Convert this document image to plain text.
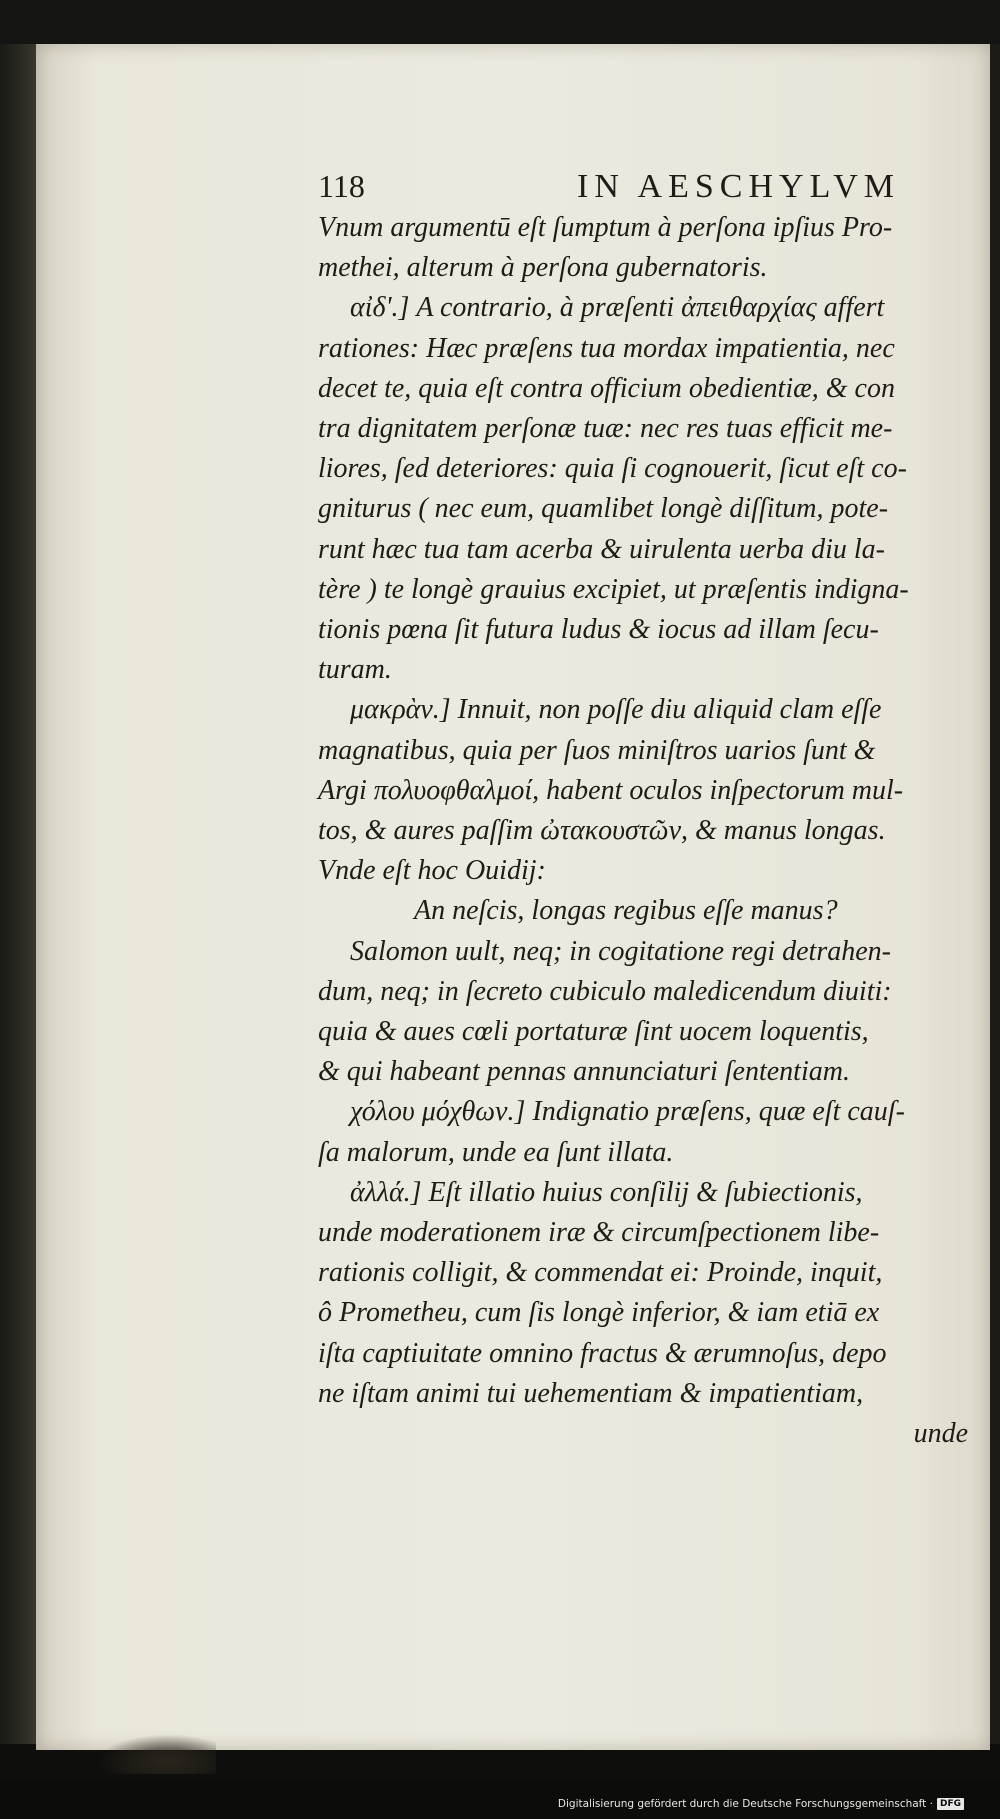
118	IN AESCHYLVM
Vnum argumentū eſt ſumptum à perſona ipſius Pro-
methei, alterum à perſona gubernatoris.
αἰδ'.] A contrario, à præſenti ἀπειθαρχίας affert
rationes: Hæc præſens tua mordax impatientia, nec
decet te, quia eſt contra officium obedientiæ, & con
tra dignitatem perſonæ tuæ: nec res tuas efficit me-
liores, ſed deteriores: quia ſi cognouerit, ſicut eſt co-
gniturus ( nec eum, quamlibet longè diſſitum, pote-
runt hæc tua tam acerba & uirulenta uerba diu la-
tère ) te longè grauius excipiet, ut præſentis indigna-
tionis pœna ſit futura ludus & iocus ad illam ſecu-
turam.
μακρὰν.] Innuit, non poſſe diu aliquid clam eſſe
magnatibus, quia per ſuos miniſtros uarios ſunt &
Argi πολυοφθαλμοί, habent oculos inſpectorum mul-
tos, & aures paſſim ὠτακουστῶν, & manus longas.
Vnde eſt hoc Ouidij:
An neſcis, longas regibus eſſe manus?
Salomon uult, neq; in cogitatione regi detrahen-
dum, neq; in ſecreto cubiculo maledicendum diuiti:
quia & aues cœli portaturæ ſint uocem loquentis,
& qui habeant pennas annunciaturi ſententiam.
χόλου μόχθων.] Indignatio præſens, quæ eſt cauſ-
ſa malorum, unde ea ſunt illata.
ἀλλά.] Eſt illatio huius conſilij & ſubiectionis,
unde moderationem iræ & circumſpectionem libe-
rationis colligit, & commendat ei: Proinde, inquit,
ô Prometheu, cum ſis longè inferior, & iam etiā ex
iſta captiuitate omnino fractus & ærumnoſus, depo
ne iſtam animi tui uehementiam & impatientiam,
unde
Digitalisierung gefördert durch die Deutsche Forschungsgemeinschaft · DFG
